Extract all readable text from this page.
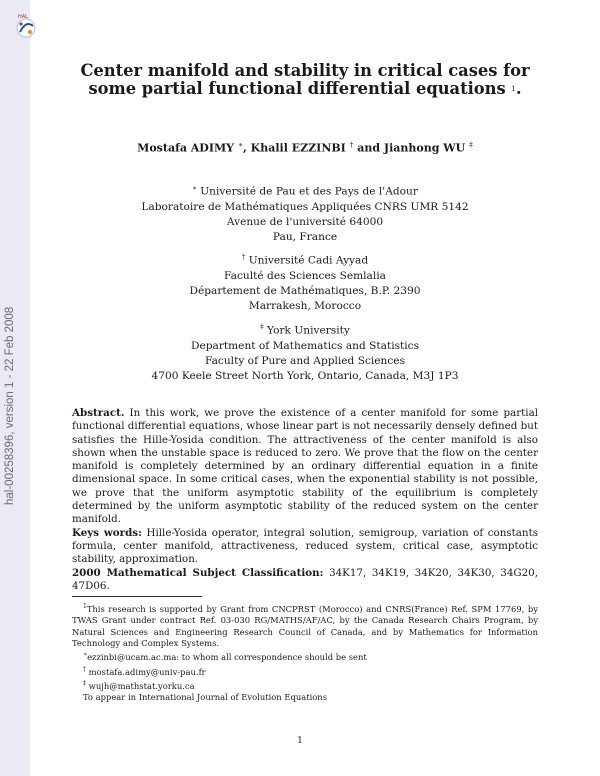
HAL
hal-00258396, version 1 - 22 Feb 2008
Center manifold and stability in critical cases for
some partial functional differential equations $^1$.
Mostafa ADIMY ∗, Khalil EZZINBI † and Jianhong WU ‡
∗ Université de Pau et des Pays de l'Adour
Laboratoire de Mathématiques Appliquées CNRS UMR 5142
Avenue de l'université 64000
Pau, France
† Université Cadi Ayyad
Faculté des Sciences Semlalia
Département de Mathématiques, B.P. 2390
Marrakesh, Morocco
‡ York University
Department of Mathematics and Statistics
Faculty of Pure and Applied Sciences
4700 Keele Street North York, Ontario, Canada, M3J 1P3

Abstract. In this work, we prove the existence of a center manifold for some partial functional differential equations, whose linear part is not necessarily densely defined but satisfies the Hille-Yosida condition. The attractiveness of the center manifold is also shown when the unstable space is reduced to zero. We prove that the flow on the center manifold is completely determined by an ordinary differential equation in a finite dimensional space. In some critical cases, when the exponential stability is not possible, we prove that the uniform asymptotic stability of the equilibrium is completely determined by the uniform asymptotic stability of the reduced system on the center manifold.

Keys words: Hille-Yosida operator, integral solution, semigroup, variation of constants formula, center manifold, attractiveness, reduced system, critical case, asymptotic stability, approximation.

2000 Mathematical Subject Classification: 34K17, 34K19, 34K20, 34K30, 34G20, 47D06.

$^1$This research is supported by Grant from CNCPRST (Morocco) and CNRS(France) Ref. SPM 17769, by TWAS Grant under contract Ref. 03-030 RG/MATHS/AF/AC, by the Canada Research Chairs Program, by Natural Sciences and Engineering Research Council of Canada, and by Mathematics for Information Technology and Complex Systems.

∗ezzinbi@ucam.ac.ma: to whom all correspondence should be sent

† mostafa.adimy@univ-pau.fr

‡ wujh@mathstat.yorku.ca

To appear in International Journal of Evolution Equations

1
